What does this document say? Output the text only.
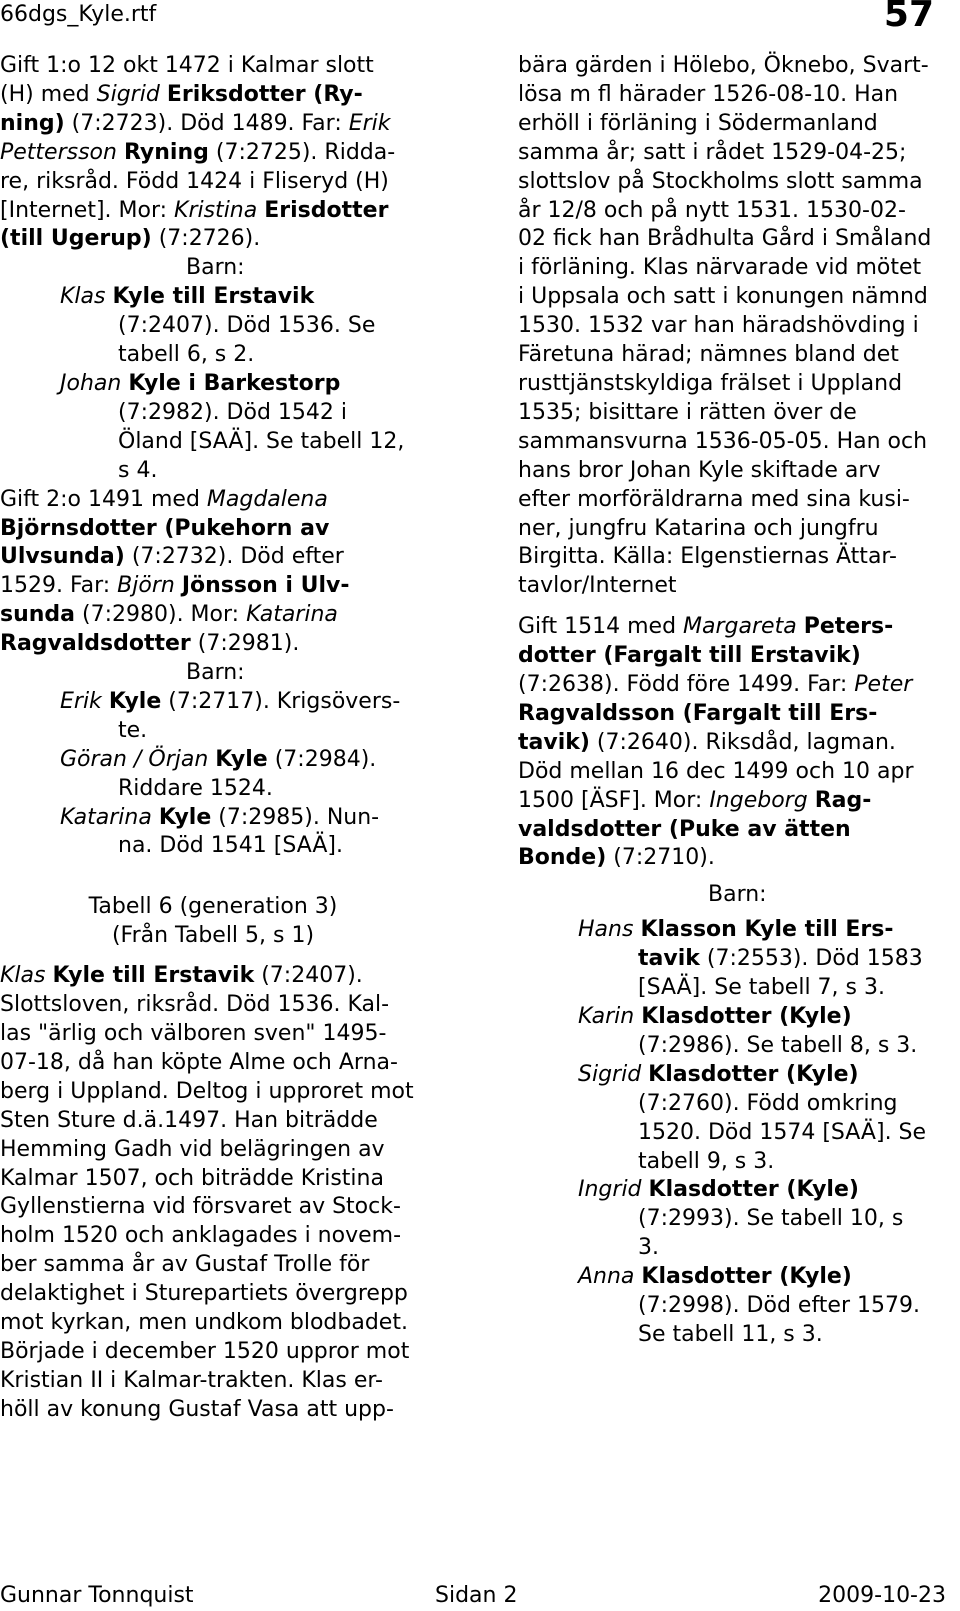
66dgs_Kyle.rtf	57

Gift 1:o 12 okt 1472 i Kalmar slott
(H) med Sigrid Eriksdotter (Ry-
ning) (7:2723). Död 1489. Far: Erik
Pettersson Ryning (7:2725). Ridda-
re, riksråd. Född 1424 i Fliseryd (H)
[Internet]. Mor: Kristina Erisdotter
(till Ugerup) (7:2726).

Barn:

Klas Kyle till Erstavik
(7:2407). Död 1536. Se
tabell 6, s 2.

Johan Kyle i Barkestorp
(7:2982). Död 1542 i
Öland [SAÄ]. Se tabell 12,
s 4.

Gift 2:o 1491 med Magdalena
Björnsdotter (Pukehorn av
Ulvsunda) (7:2732). Död efter
1529. Far: Björn Jönsson i Ulv-
sunda (7:2980). Mor: Katarina
Ragvaldsdotter (7:2981).

Barn:

Erik Kyle (7:2717). Krigsövers-
te.

Göran / Örjan Kyle (7:2984).
Riddare 1524.

Katarina Kyle (7:2985). Nun-
na. Död 1541 [SAÄ].

Tabell 6 (generation 3)

(Från Tabell 5, s 1)

Klas Kyle till Erstavik (7:2407).
Slottsloven, riksråd. Död 1536. Kal-
las "ärlig och välboren sven" 1495-
07-18, då han köpte Alme och Arna-
berg i Uppland. Deltog i upproret mot
Sten Sture d.ä.1497. Han biträdde
Hemming Gadh vid belägringen av
Kalmar 1507, och biträdde Kristina
Gyllenstierna vid försvaret av Stock-
holm 1520 och anklagades i novem-
ber samma år av Gustaf Trolle för
delaktighet i Sturepartiets övergrepp
mot kyrkan, men undkom blodbadet.
Började i december 1520 uppror mot
Kristian II i Kalmar-trakten. Klas er-
höll av konung Gustaf Vasa att upp-

bära gärden i Hölebo, Öknebo, Svart-
lösa m fl härader 1526-08-10. Han
erhöll i förläning i Södermanland
samma år; satt i rådet 1529-04-25;
slottslov på Stockholms slott samma
år 12/8 och på nytt 1531. 1530-02-
02 fick han Brådhulta Gård i Småland
i förläning. Klas närvarade vid mötet
i Uppsala och satt i konungen nämnd
1530. 1532 var han häradshövding i
Färetuna härad; nämnes bland det
rusttjänstskyldiga frälset i Uppland
1535; bisittare i rätten över de
sammansvurna 1536-05-05. Han och
hans bror Johan Kyle skiftade arv
efter morföräldrarna med sina kusi-
ner, jungfru Katarina och jungfru
Birgitta. Källa: Elgenstiernas Ättar-
tavlor/Internet

Gift 1514 med Margareta Peters-
dotter (Fargalt till Erstavik)
(7:2638). Född före 1499. Far: Peter
Ragvaldsson (Fargalt till Ers-
tavik) (7:2640). Riksdåd, lagman.
Död mellan 16 dec 1499 och 10 apr
1500 [ÄSF]. Mor: Ingeborg Rag-
valdsdotter (Puke av ätten
Bonde) (7:2710).

Barn:

Hans Klasson Kyle till Ers-
tavik (7:2553). Död 1583
[SAÄ]. Se tabell 7, s 3.

Karin Klasdotter (Kyle)
(7:2986). Se tabell 8, s 3.

Sigrid Klasdotter (Kyle)
(7:2760). Född omkring
1520. Död 1574 [SAÄ]. Se
tabell 9, s 3.

Ingrid Klasdotter (Kyle)
(7:2993). Se tabell 10, s
3.

Anna Klasdotter (Kyle)
(7:2998). Död efter 1579.
Se tabell 11, s 3.

Gunnar Tonnquist	Sidan 2	2009-10-23
